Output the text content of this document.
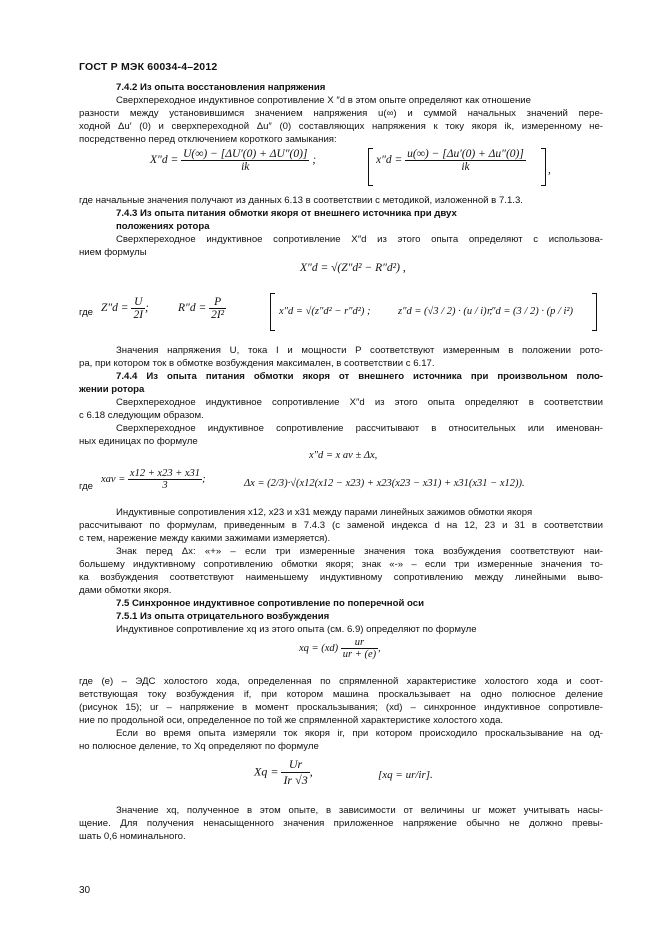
ГОСТ Р МЭК 60034-4–2012
7.4.2 Из опыта восстановления напряжения
Сверхпереходное индуктивное сопротивление X ″d в этом опыте определяют как отношение
разности между установившимся значением напряжения u(∞) и суммой начальных значений пере-
ходной Δu′ (0) и сверхпереходной Δu″ (0) составляющих напряжения к току якоря ik, измеренному не-
посредственно перед отключением короткого замыкания:
$X''d = \frac{U(\infty) - [\Delta U'(0) + \Delta U''(0)]}{ik}$ ;	$x''d = \frac{u(\infty) - [\Delta u'(0) + \Delta u''(0)]}{ik}$ ,
где начальные значения получают из данных 6.13 в соответствии с методикой, изложенной в 7.1.3.
7.4.3 Из опыта питания обмотки якоря от внешнего источника при двух
положениях ротора
Сверхпереходное индуктивное сопротивление X″d из этого опыта определяют с использова-
нием формулы
X″d = √(Z″d² − R″d²) ,
где $Z''d = \frac{U}{2I}$ ;	$R''d = \frac{P}{\text{2I²}}$	x″d = √(z″d² − r″d²) ;	z″d = (√3 / 2) · (u / i) ;
r″d = (3 / 2) · (p / i²)
Значения напряжения U, тока I и мощности P соответствуют измеренным в положении рото-
ра, при котором ток в обмотке возбуждения максимален, в соответствии с 6.17.
7.4.4 Из опыта питания обмотки якоря от внешнего источника при произвольном поло-
жении ротора
Сверхпереходное индуктивное сопротивление X″d из этого опыта определяют в соответствии
с 6.18 следующим образом.
Сверхпереходное индуктивное сопротивление рассчитывают в относительных или именован-
ных единицах по формуле
x″d = x av ± Δx,
где
xav = $\frac{x12 + x23 + x31}{3}$ ;	Δx = (2/3)·√(x12(x12 − x23) + x23(x23 − x31) + x31(x31 − x12)).
Индуктивные сопротивления x12, x23 и x31 между парами линейных зажимов обмотки якоря
рассчитывают по формулам, приведенным в 7.4.3 (с заменой индекса d на 12, 23 и 31 в соответствии
с тем, нарежение между какими зажимами измеряется).
Знак перед Δx: «+» – если три измеренные значения тока возбуждения соответствуют наи-
большему индуктивному сопротивлению обмотки якоря; знак «-» – если три измеренные значения то-
ка возбуждения соответствуют наименьшему индуктивному сопротивлению между линейными выво-
дами обмотки якоря.
7.5 Синхронное индуктивное сопротивление по поперечной оси
7.5.1 Из опыта отрицательного возбуждения
Индуктивное сопротивление xq из этого опыта (см. 6.9) определяют по формуле
xq = $(xd) \frac{ur}{ur + (e)}$ ,
где (e) – ЭДС холостого хода, определенная по спрямленной характеристике холостого хода и соот-
ветствующая току возбуждения if, при котором машина проскальзывает на одно полюсное деление
(рисунок 15); ur – напряжение в момент проскальзывания; (xd) – синхронное индуктивное сопротивле-
ние по продольной оси, определенное по той же спрямленной характеристике холостого хода.
Если во время опыта измеряли ток якоря ir, при котором происходило проскальзывание на од-
но полюсное деление, то Xq определяют по формуле
$Xq = \frac{Ur}{Ir √3}$ ,	[xq = ur/ir].
Значение xq, полученное в этом опыте, в зависимости от величины ur может учитывать насы-
щение. Для получения ненасыщенного значения приложенное напряжение обычно не должно превы-
шать 0,6 номинального.
30
